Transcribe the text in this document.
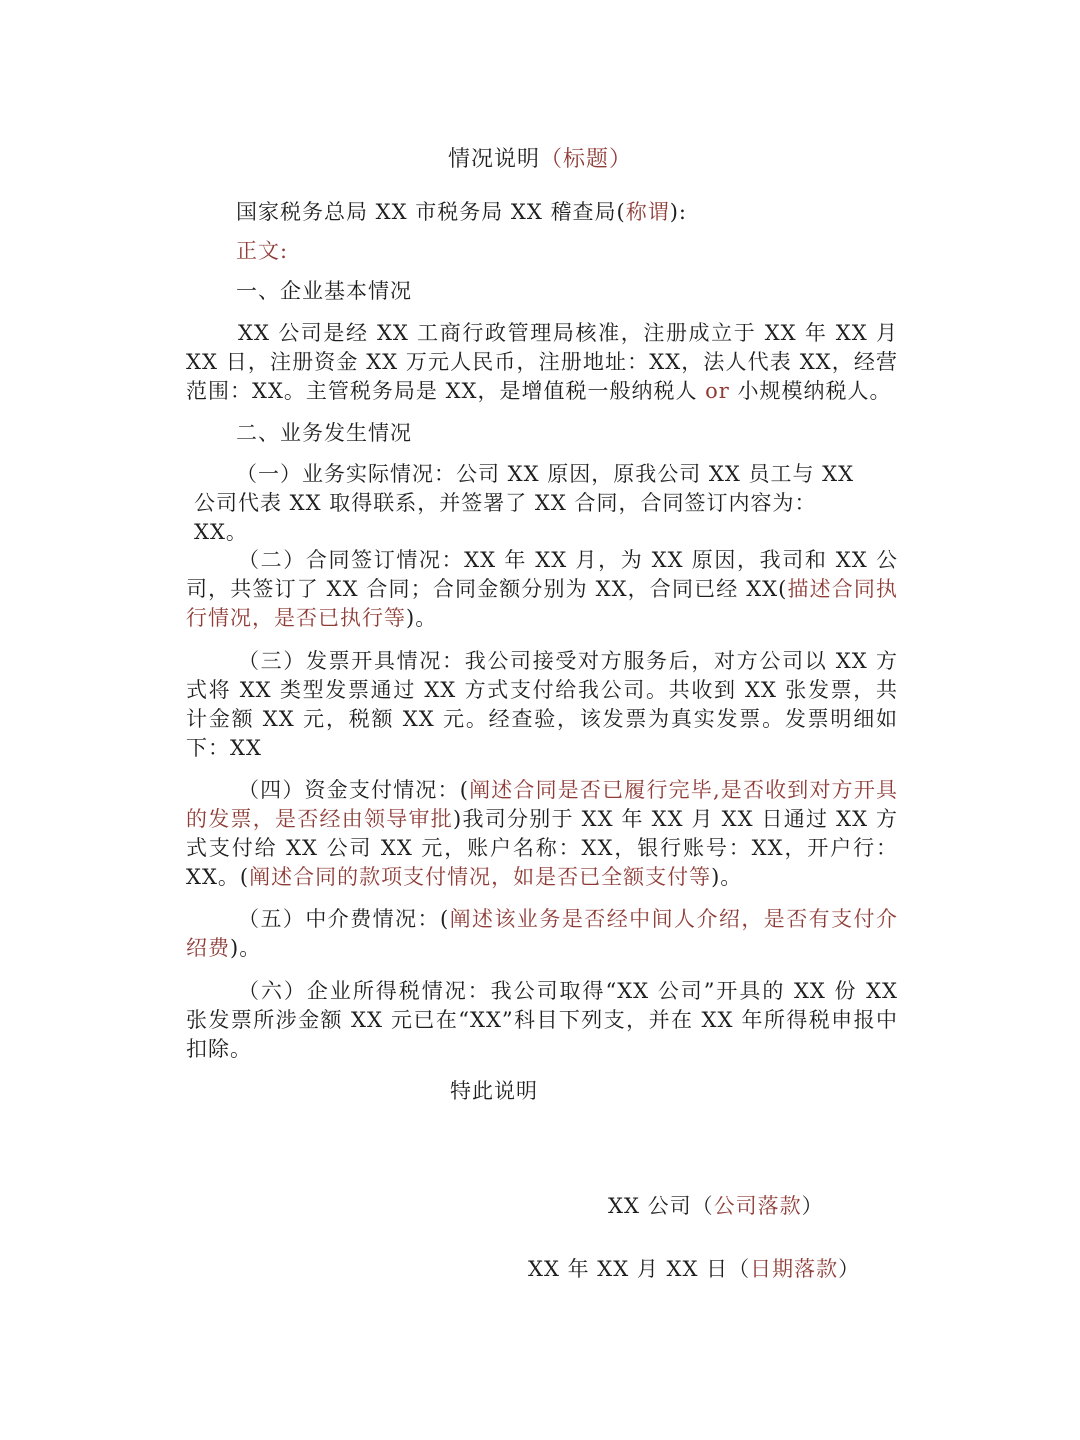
情况说明（标题）
国家税务总局 XX 市税务局 XX 稽查局(称谓):
正文:
一、企业基本情况
XX 公司是经 XX 工商行政管理局核准，注册成立于 XX 年 XX 月 XX 日，注册资金 XX 万元人民币，注册地址：XX，法人代表 XX，经营范围：XX。主管税务局是 XX，是增值税一般纳税人 or 小规模纳税人。
二、业务发生情况
（一）业务实际情况：公司 XX 原因，原我公司 XX 员工与 XX
公司代表 XX 取得联系，并签署了 XX 合同，合同签订内容为：
XX。
（二）合同签订情况：XX 年 XX 月，为 XX 原因，我司和 XX 公司，共签订了 XX 合同；合同金额分别为 XX，合同已经 XX(描述合同执行情况，是否已执行等)。
（三）发票开具情况：我公司接受对方服务后，对方公司以 XX 方式将 XX 类型发票通过 XX 方式支付给我公司。共收到 XX 张发票，共计金额 XX 元，税额 XX 元。经查验，该发票为真实发票。发票明细如下：XX
（四）资金支付情况：(阐述合同是否已履行完毕,是否收到对方开具的发票，是否经由领导审批)我司分别于 XX 年 XX 月 XX 日通过 XX 方式支付给 XX 公司 XX 元，账户名称：XX，银行账号：XX，开户行：XX。(阐述合同的款项支付情况，如是否已全额支付等)。
（五）中介费情况：(阐述该业务是否经中间人介绍，是否有支付介绍费)。
（六）企业所得税情况：我公司取得“XX 公司”开具的 XX 份 XX 张发票所涉金额 XX 元已在“XX”科目下列支，并在 XX 年所得税申报中扣除。
特此说明
XX 公司（公司落款）
XX 年 XX 月 XX 日（日期落款）
